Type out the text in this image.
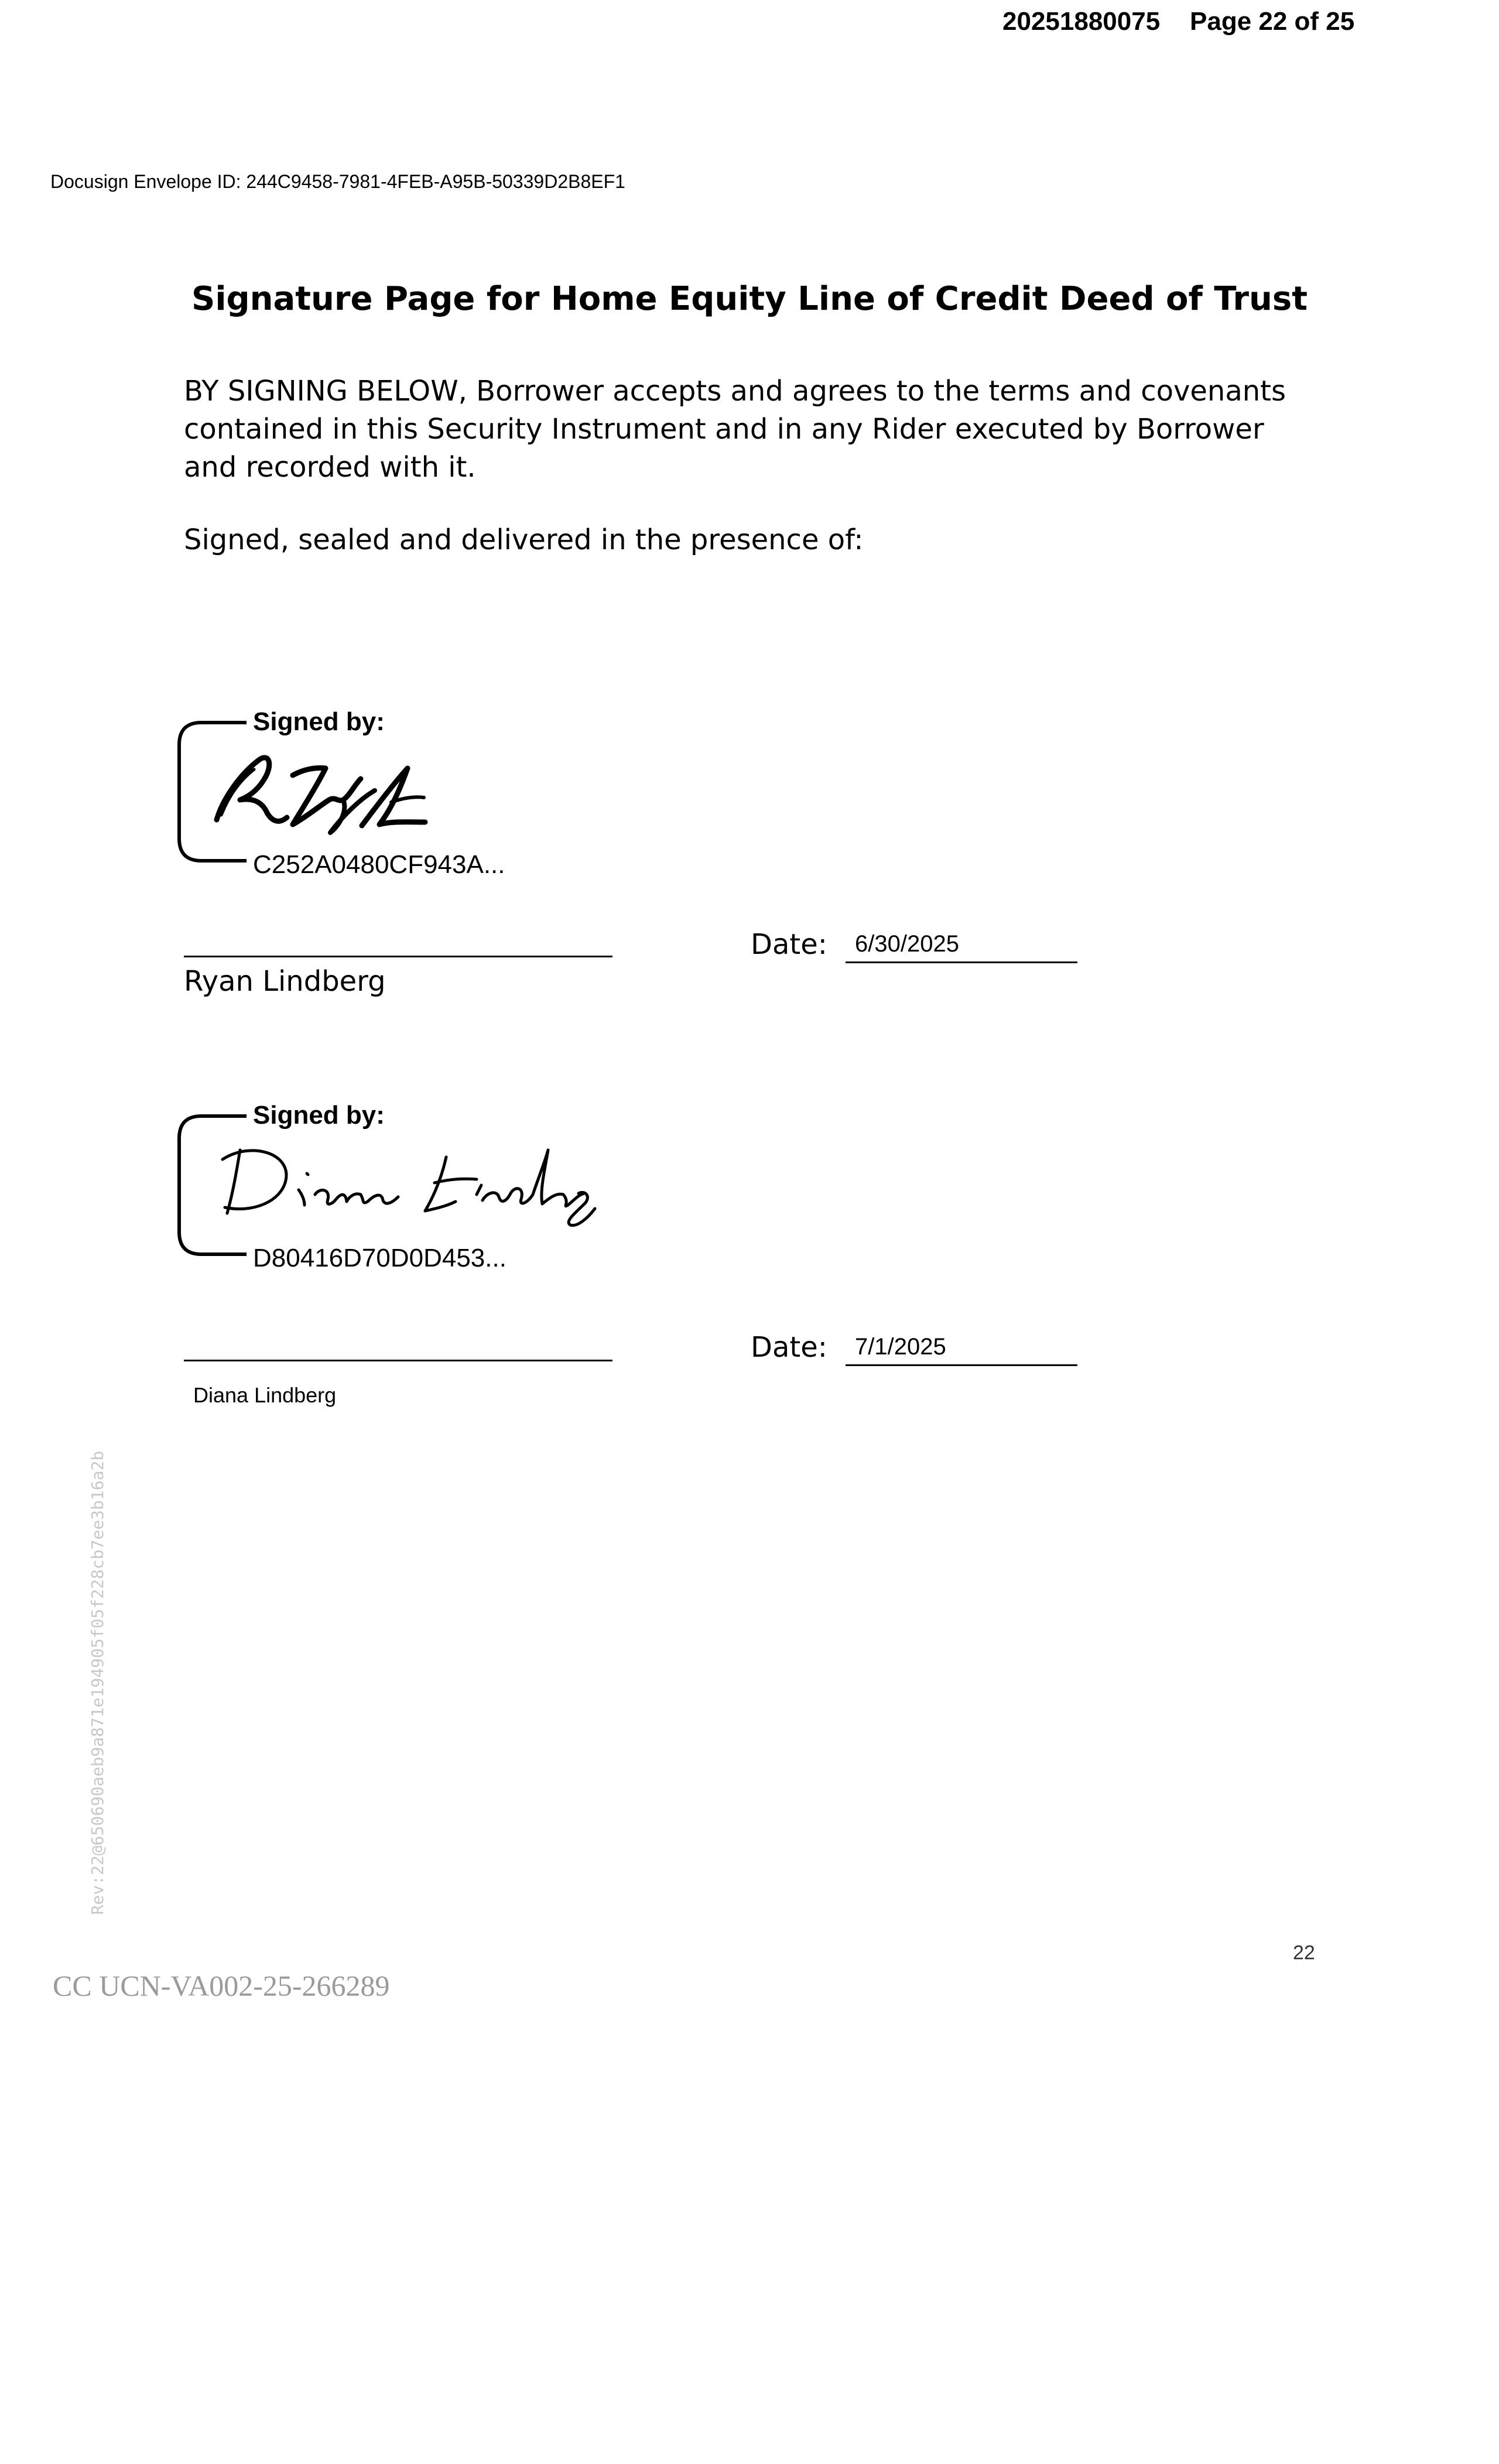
20251880075 Page 22 of 25
Docusign Envelope ID: 244C9458-7981-4FEB-A95B-50339D2B8EF1
Signature Page for Home Equity Line of Credit Deed of Trust
BY SIGNING BELOW, Borrower accepts and agrees to the terms and covenants contained in this Security Instrument and in any Rider executed by Borrower and recorded with it.
Signed, sealed and delivered in the presence of:
Signed by:
C252A0480CF943A...
Ryan Lindberg
Date: 6/30/2025
Signed by:
D80416D70D0D453...
Diana Lindberg
Date: 7/1/2025
Rev:22@650690aeb9a871e194905f05f228cb7ee3b16a2b
22
CC UCN-VA002-25-266289
